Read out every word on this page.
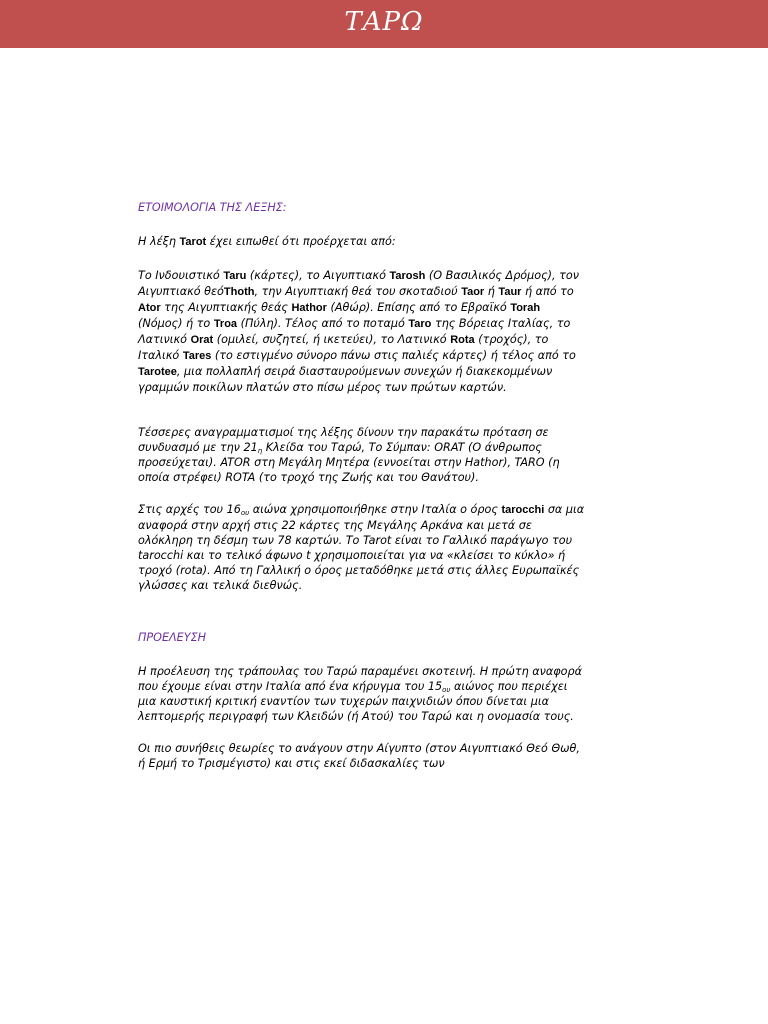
ΤΑΡΩ

ΕΤΟΙΜΟΛΟΓΙΑ ΤΗΣ ΛΕΞΗΣ:

Η λέξη Tarot έχει ειπωθεί ότι προέρχεται από:

Το Ινδουιστικό Taru (κάρτες), το Αιγυπτιακό Tarosh (Ο Βασιλικός Δρόμος), τον Αιγυπτιακό θεόThoth, την Αιγυπτιακή θεά του σκοταδιού Taor ή Taur ή από το Ator της Αιγυπτιακής θεάς Hathor (Αθώρ). Επίσης από το Εβραϊκό Torah (Νόμος) ή το Troa (Πύλη). Τέλος από το ποταμό Taro της Βόρειας Ιταλίας, το Λατινικό Orat (ομιλεί, συζητεί, ή ικετεύει), το Λατινικό Rota (τροχός), το Ιταλικό Tares (το εστιγμένο σύνορο πάνω στις παλιές κάρτες) ή τέλος από το Tarotee, μια πολλαπλή σειρά διασταυρούμενων συνεχών ή διακεκομμένων γραμμών ποικίλων πλατών στο πίσω μέρος των πρώτων καρτών.

Τέσσερες αναγραμματισμοί της λέξης δίνουν την παρακάτω πρόταση σε συνδυασμό με την $21_\eta$ Κλείδα του Ταρώ, Το Σύμπαν: ORAT (Ο άνθρωπος προσεύχεται). ATOR στη Μεγάλη Μητέρα (εννοείται στην Hathor), TARO (η οποία στρέφει) ROTA (το τροχό της Ζωής και του Θανάτου).

Στις αρχές του $16_{o\upsilon}$ αιώνα χρησιμοποιήθηκε στην Ιταλία ο όρος tarocchi σα μια αναφορά στην αρχή στις 22 κάρτες της Μεγάλης Αρκάνα και μετά σε ολόκληρη τη δέσμη των 78 καρτών. Το Tarot είναι το Γαλλικό παράγωγο του tarocchi και το τελικό άφωνο t χρησιμοποιείται για να «κλείσει το κύκλο» ή τροχό (rota). Από τη Γαλλική ο όρος μεταδόθηκε μετά στις άλλες Ευρωπαϊκές γλώσσες και τελικά διεθνώς.

ΠΡΟΕΛΕΥΣΗ

Η προέλευση της τράπουλας του Ταρώ παραμένει σκοτεινή. Η πρώτη αναφορά που έχουμε είναι στην Ιταλία από ένα κήρυγμα του $15_{o\upsilon}$ αιώνος που περιέχει μια καυστική κριτική εναντίον των τυχερών παιχνιδιών όπου δίνεται μια λεπτομερής περιγραφή των Κλειδών (ή Ατού) του Ταρώ και η ονομασία τους.

Οι πιο συνήθεις θεωρίες το ανάγουν στην Αίγυπτο (στον Αιγυπτιακό Θεό Θωθ, ή Ερμή το Τρισμέγιστο) και στις εκεί διδασκαλίες των
